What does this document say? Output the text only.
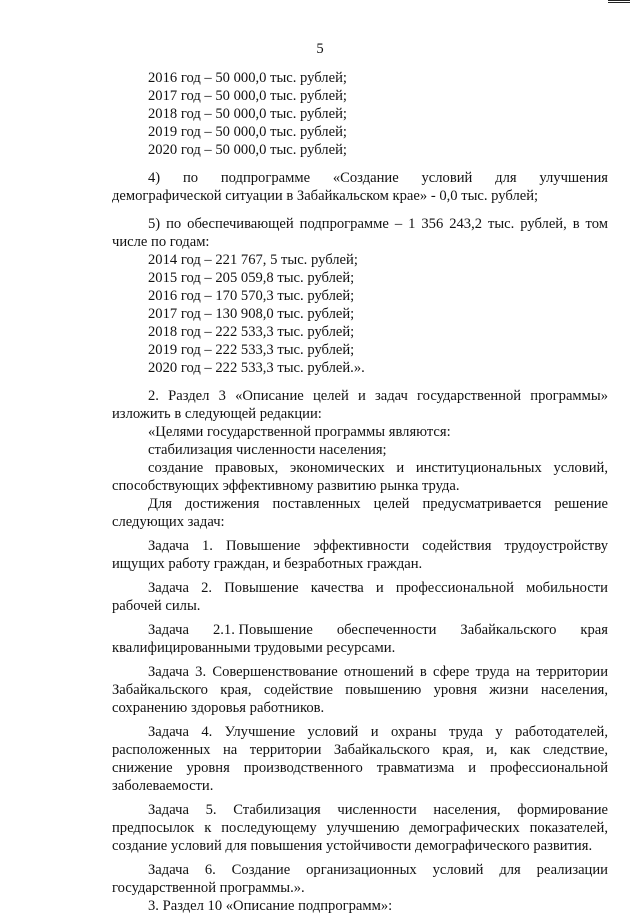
5

2016 год – 50 000,0 тыс. рублей;

2017 год – 50 000,0 тыс. рублей;

2018 год – 50 000,0 тыс. рублей;

2019 год – 50 000,0 тыс. рублей;

2020 год – 50 000,0 тыс. рублей;

4) по подпрограмме «Создание условий для улучшения

демографической ситуации в Забайкальском крае» - 0,0 тыс. рублей;

5) по обеспечивающей подпрограмме – 1 356 243,2 тыс. рублей, в том

числе по годам:

2014 год – 221 767, 5 тыс. рублей;

2015 год – 205 059,8 тыс. рублей;

2016 год – 170 570,3 тыс. рублей;

2017 год – 130 908,0 тыс. рублей;

2018 год – 222 533,3 тыс. рублей;

2019 год – 222 533,3 тыс. рублей;

2020 год – 222 533,3 тыс. рублей.».

2. Раздел 3 «Описание целей и задач государственной программы»

изложить в следующей редакции:

«Целями государственной программы являются:

стабилизация численности населения;

создание правовых, экономических и институциональных условий,

способствующих эффективному развитию рынка труда.

Для достижения поставленных целей предусматривается решение

следующих задач:

Задача 1. Повышение эффективности содействия трудоустройству

ищущих работу граждан, и безработных граждан.

Задача 2. Повышение качества и профессиональной мобильности

рабочей силы.

Задача 2.1. Повышение обеспеченности Забайкальского края

квалифицированными трудовыми ресурсами.

Задача 3. Совершенствование отношений в сфере труда на территории

Забайкальского края, содействие повышению уровня жизни населения,

сохранению здоровья работников.

Задача 4. Улучшение условий и охраны труда у работодателей,

расположенных на территории Забайкальского края, и, как следствие,

снижение уровня производственного травматизма и профессиональной

заболеваемости.

Задача 5. Стабилизация численности населения, формирование

предпосылок к последующему улучшению демографических показателей,

создание условий для повышения устойчивости демографического развития.

Задача 6. Создание организационных условий для реализации

государственной программы.».

3. Раздел 10 «Описание подпрограмм»:
